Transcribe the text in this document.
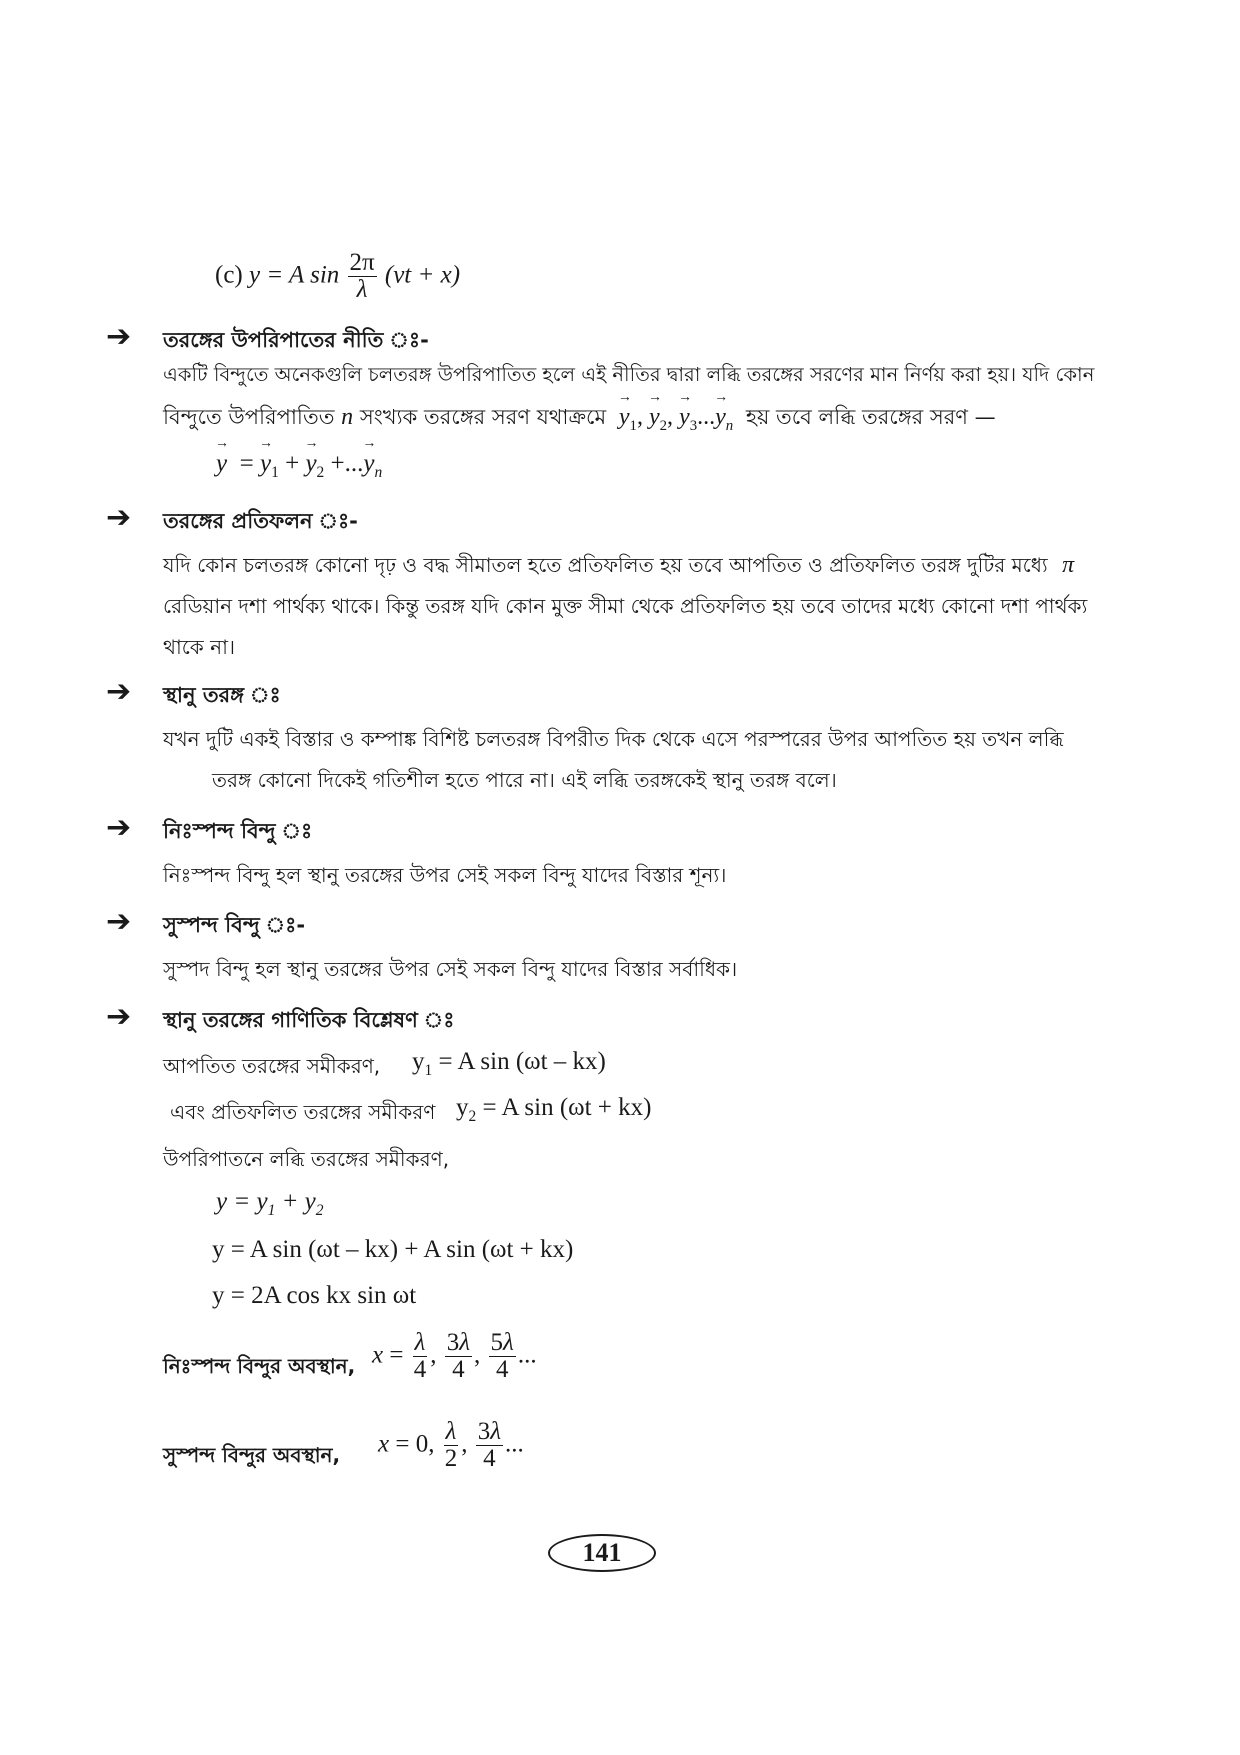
(c) y = A $\sin \frac{2\pi}{\lambda} (vt + x)$
➔ তরঙ্গের উপরিপাতের নীতি ঃ-
একটি বিন্দুতে অনেকগুলি চলতরঙ্গ উপরিপাতিত হলে এই নীতির দ্বারা লব্ধি তরঙ্গের সরণের মান নির্ণয় করা হয়। যদি কোন
বিন্দুতে উপরিপাতিত n সংখ্যক তরঙ্গের সরণ যথাক্রমে → $y_1$, → $y_2$, → $y_3...\to y_n$ হয় তবে লব্ধি তরঙ্গের সরণ —
→ y  = → $y_1$ + → $y_2$ +...→ $y_n$
➔ তরঙ্গের প্রতিফলন ঃ-
যদি কোন চলতরঙ্গ কোনো দৃঢ় ও বদ্ধ সীমাতল হতে প্রতিফলিত হয় তবে আপতিত ও প্রতিফলিত তরঙ্গ দুটির মধ্যে π
রেডিয়ান দশা পার্থক্য থাকে। কিন্তু তরঙ্গ যদি কোন মুক্ত সীমা থেকে প্রতিফলিত হয় তবে তাদের মধ্যে কোনো দশা পার্থক্য
থাকে না।
➔ স্থানু তরঙ্গ ঃ
যখন দুটি একই বিস্তার ও কম্পাঙ্ক বিশিষ্ট চলতরঙ্গ বিপরীত দিক থেকে এসে পরস্পরের উপর আপতিত হয় তখন লব্ধি
তরঙ্গ কোনো দিকেই গতিশীল হতে পারে না। এই লব্ধি তরঙ্গকেই স্থানু তরঙ্গ বলে।
➔ নিঃস্পন্দ বিন্দু ঃ
নিঃস্পন্দ বিন্দু হল স্থানু তরঙ্গের উপর সেই সকল বিন্দু যাদের বিস্তার শূন্য।
➔ সুস্পন্দ বিন্দু ঃ-
সুস্পদ বিন্দু হল স্থানু তরঙ্গের উপর সেই সকল বিন্দু যাদের বিস্তার সর্বাধিক।
➔ স্থানু তরঙ্গের গাণিতিক বিশ্লেষণ ঃ
আপতিত তরঙ্গের সমীকরণ, $y_1 = A$ sin (ωt – kx)
এবং প্রতিফলিত তরঙ্গের সমীকরণ $y_2 = A$ sin (ωt + kx)
উপরিপাতনে লব্ধি তরঙ্গের সমীকরণ,
$y = y_1 + y_2$
y = A sin (ωt – kx) + A sin (ωt + kx)
y = 2A cos kx sin ωt
নিঃস্পন্দ বিন্দুর অবস্থান, $x = \frac{\lambda}{4}$ , $\frac{3\lambda}{4}$ , $\frac{5\lambda}{4}$ ...
সুস্পন্দ বিন্দুর অবস্থান, x = 0, $\frac{\lambda}{2}$ , $\frac{3\lambda}{4}$ ...
141
